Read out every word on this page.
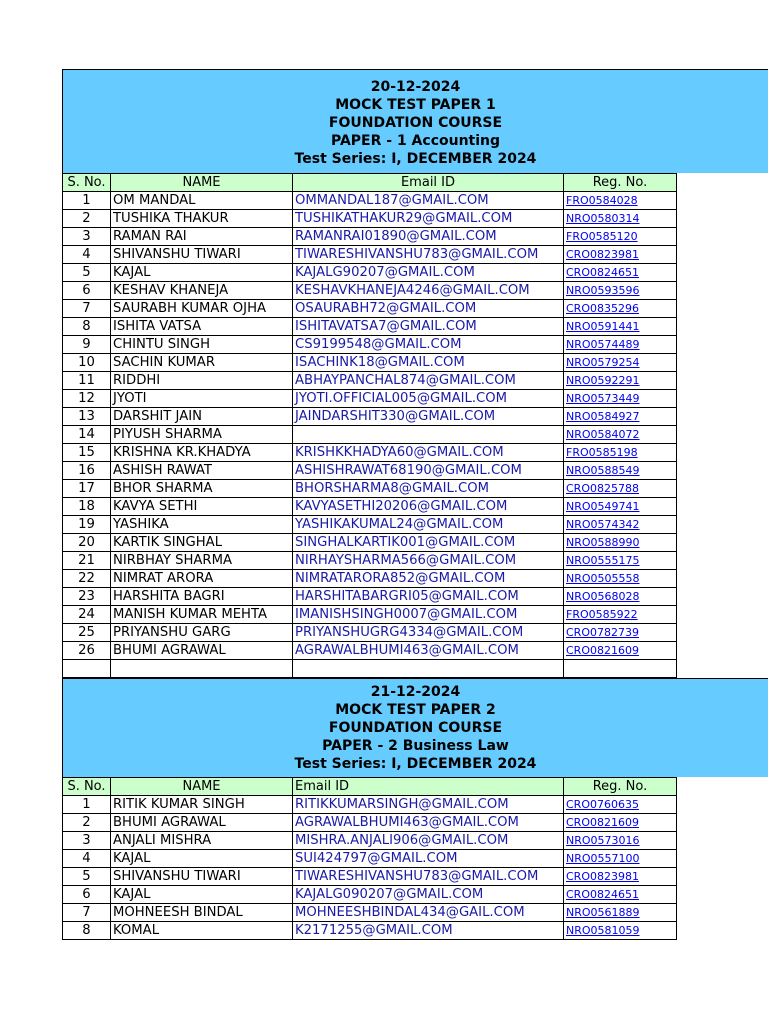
20-12-2024
MOCK TEST PAPER 1
FOUNDATION COURSE
PAPER - 1 Accounting
Test Series: I, DECEMBER 2024
S. No.	NAME	Email ID	Reg. No.
1	OM MANDAL	OMMANDAL187@GMAIL.COM	FRO0584028
2	TUSHIKA THAKUR	TUSHIKATHAKUR29@GMAIL.COM	NRO0580314
3	RAMAN RAI	RAMANRAI01890@GMAIL.COM	FRO0585120
4	SHIVANSHU TIWARI	TIWARESHIVANSHU783@GMAIL.COM	CRO0823981
5	KAJAL	KAJALG90207@GMAIL.COM	CRO0824651
6	KESHAV KHANEJA	KESHAVKHANEJA4246@GMAIL.COM	NRO0593596
7	SAURABH KUMAR OJHA	OSAURABH72@GMAIL.COM	CRO0835296
8	ISHITA VATSA	ISHITAVATSA7@GMAIL.COM	NRO0591441
9	CHINTU SINGH	CS9199548@GMAIL.COM	NRO0574489
10	SACHIN KUMAR	ISACHINK18@GMAIL.COM	NRO0579254
11	RIDDHI	ABHAYPANCHAL874@GMAIL.COM	NRO0592291
12	JYOTI	JYOTI.OFFICIAL005@GMAIL.COM	NRO0573449
13	DARSHIT JAIN	JAINDARSHIT330@GMAIL.COM	NRO0584927
14	PIYUSH SHARMA		NRO0584072
15	KRISHNA KR.KHADYA	KRISHKKHADYA60@GMAIL.COM	FRO0585198
16	ASHISH RAWAT	ASHISHRAWAT68190@GMAIL.COM	NRO0588549
17	BHOR SHARMA	BHORSHARMA8@GMAIL.COM	CRO0825788
18	KAVYA SETHI	KAVYASETHI20206@GMAIL.COM	NRO0549741
19	YASHIKA	YASHIKAKUMAL24@GMAIL.COM	NRO0574342
20	KARTIK SINGHAL	SINGHALKARTIK001@GMAIL.COM	NRO0588990
21	NIRBHAY SHARMA	NIRHAYSHARMA566@GMAIL.COM	NRO0555175
22	NIMRAT ARORA	NIMRATARORA852@GMAIL.COM	NRO0505558
23	HARSHITA BAGRI	HARSHITABARGRI05@GMAIL.COM	NRO0568028
24	MANISH KUMAR MEHTA	IMANISHSINGH0007@GMAIL.COM	FRO0585922
25	PRIYANSHU GARG	PRIYANSHUGRG4334@GMAIL.COM	CRO0782739
26	BHUMI AGRAWAL	AGRAWALBHUMI463@GMAIL.COM	CRO0821609

21-12-2024
MOCK TEST PAPER 2
FOUNDATION COURSE
PAPER - 2 Business Law
Test Series: I, DECEMBER 2024
S. No.	NAME	Email ID	Reg. No.
1	RITIK KUMAR SINGH	RITIKKUMARSINGH@GMAIL.COM	CRO0760635
2	BHUMI AGRAWAL	AGRAWALBHUMI463@GMAIL.COM	CRO0821609
3	ANJALI MISHRA	MISHRA.ANJALI906@GMAIL.COM	NRO0573016
4	KAJAL	SUI424797@GMAIL.COM	NRO0557100
5	SHIVANSHU TIWARI	TIWARESHIVANSHU783@GMAIL.COM	CRO0823981
6	KAJAL	KAJALG090207@GMAIL.COM	CRO0824651
7	MOHNEESH BINDAL	MOHNEESHBINDAL434@GAIL.COM	NRO0561889
8	KOMAL	K2171255@GMAIL.COM	NRO0581059
